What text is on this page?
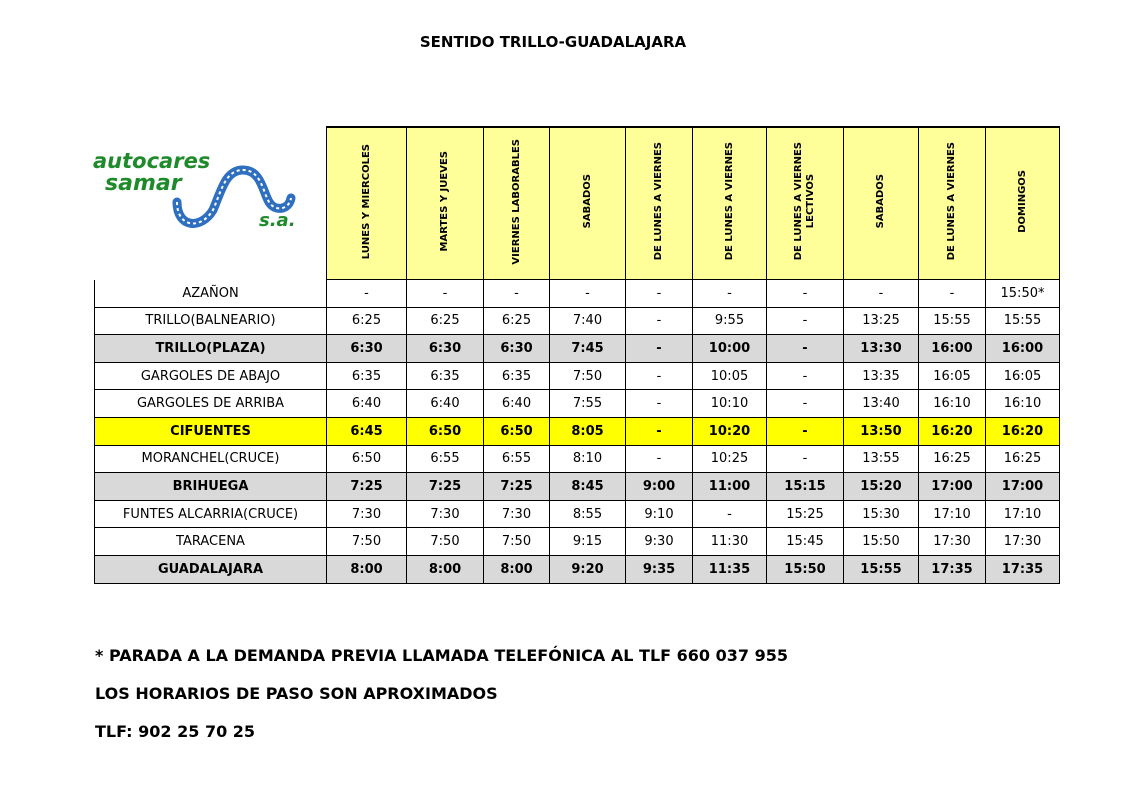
SENTIDO TRILLO-GUADALAJARA
autocares
samar
s.a.

	LUNES Y MIERCOLES	MARTES Y JUEVES	VIERNES LABORABLES	SABADOS	DE LUNES A VIERNES	DE LUNES A VIERNES	DE LUNES A VIERNES LECTIVOS	SABADOS	DE LUNES A VIERNES	DOMINGOS

AZAÑON	-	-	-	-	-	-	-	-	-	15:50*
TRILLO(BALNEARIO)	6:25	6:25	6:25	7:40	-	9:55	-	13:25	15:55	15:55
TRILLO(PLAZA)	6:30	6:30	6:30	7:45	-	10:00	-	13:30	16:00	16:00
GARGOLES DE ABAJO	6:35	6:35	6:35	7:50	-	10:05	-	13:35	16:05	16:05
GARGOLES DE ARRIBA	6:40	6:40	6:40	7:55	-	10:10	-	13:40	16:10	16:10
CIFUENTES	6:45	6:50	6:50	8:05	-	10:20	-	13:50	16:20	16:20
MORANCHEL(CRUCE)	6:50	6:55	6:55	8:10	-	10:25	-	13:55	16:25	16:25
BRIHUEGA	7:25	7:25	7:25	8:45	9:00	11:00	15:15	15:20	17:00	17:00
FUNTES ALCARRIA(CRUCE)	7:30	7:30	7:30	8:55	9:10	-	15:25	15:30	17:10	17:10
TARACENA	7:50	7:50	7:50	9:15	9:30	11:30	15:45	15:50	17:30	17:30
GUADALAJARA	8:00	8:00	8:00	9:20	9:35	11:35	15:50	15:55	17:35	17:35
* PARADA A LA DEMANDA PREVIA LLAMADA TELEFÓNICA AL TLF 660 037 955
LOS HORARIOS DE PASO SON APROXIMADOS
TLF: 902 25 70 25
